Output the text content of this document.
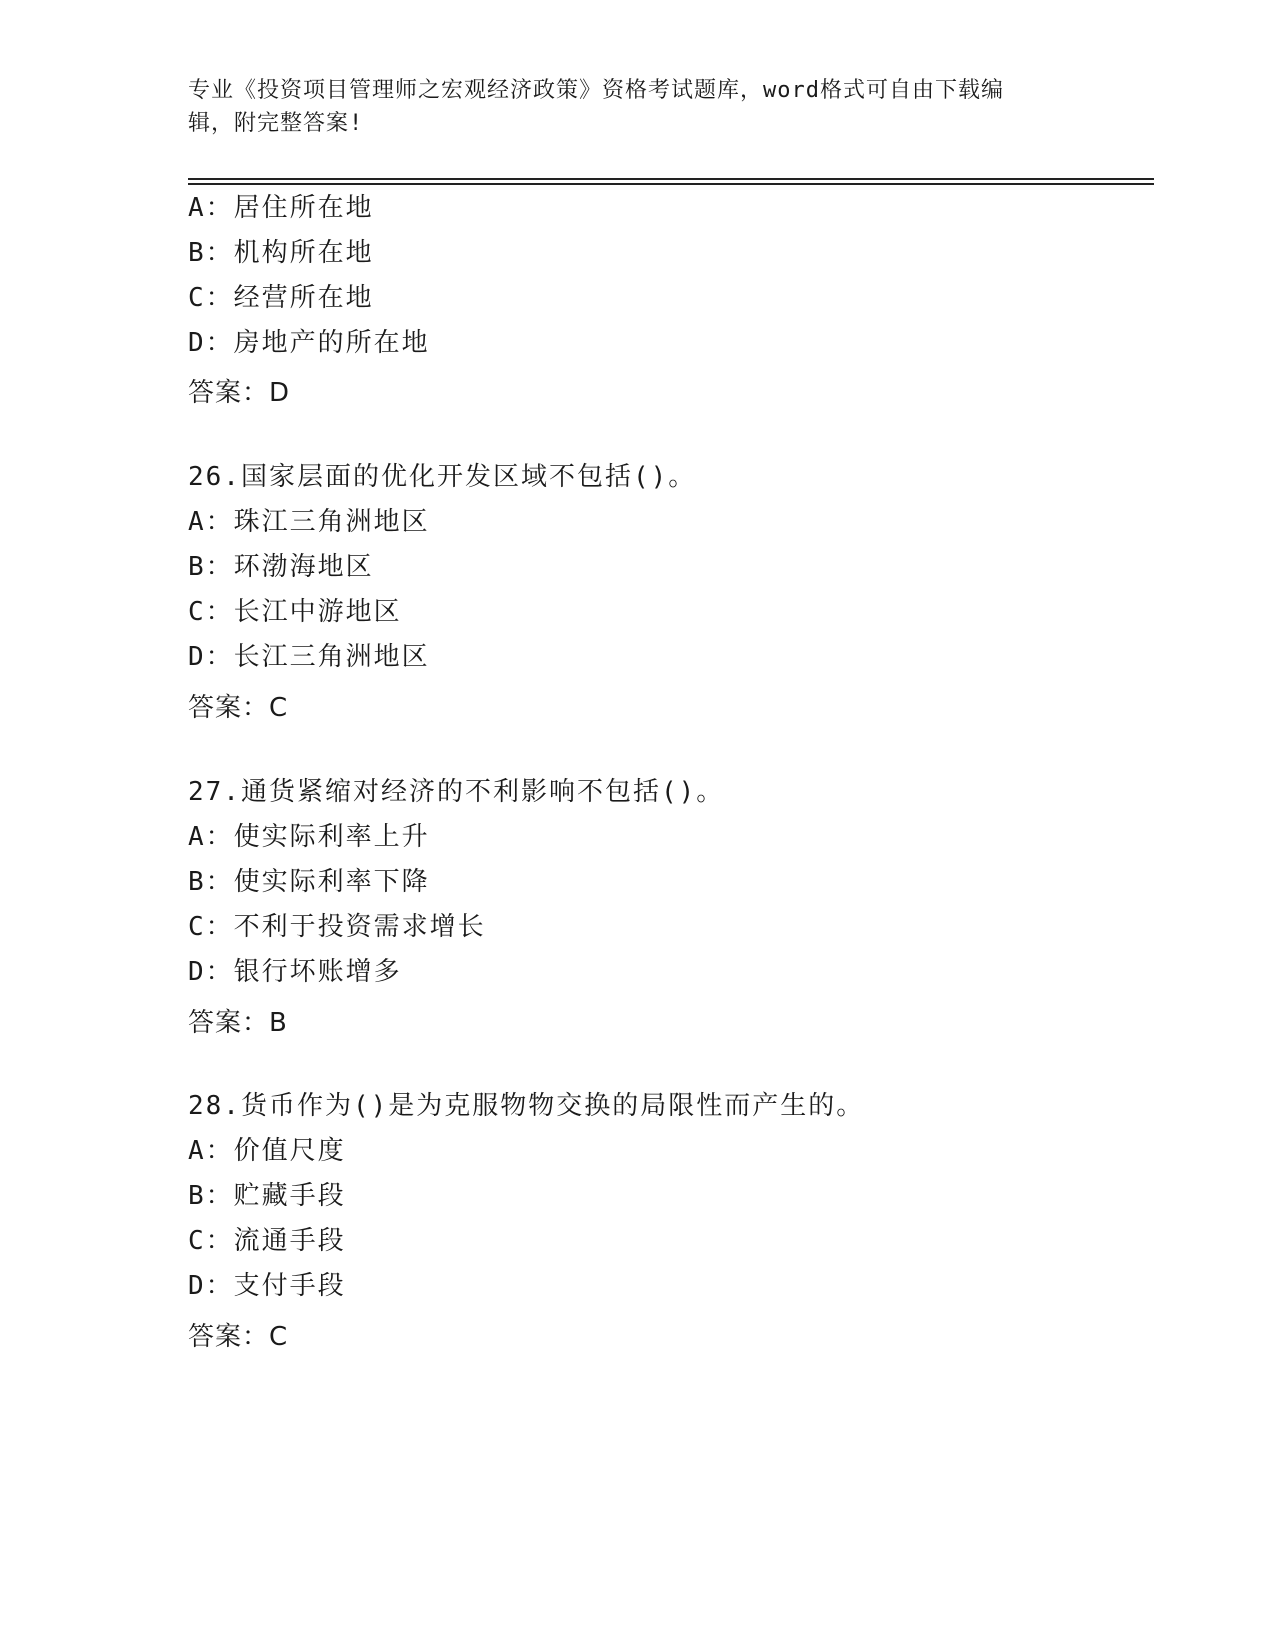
专业《投资项目管理师之宏观经济政策》资格考试题库，word格式可自由下载编
辑，附完整答案!
A：居住所在地
B：机构所在地
C：经营所在地
D：房地产的所在地
答案：D
26.国家层面的优化开发区域不包括()。
A：珠江三角洲地区
B：环渤海地区
C：长江中游地区
D：长江三角洲地区
答案：C
27.通货紧缩对经济的不利影响不包括()。
A：使实际利率上升
B：使实际利率下降
C：不利于投资需求增长
D：银行坏账增多
答案：B
28.货币作为()是为克服物物交换的局限性而产生的。
A：价值尺度
B：贮藏手段
C：流通手段
D：支付手段
答案：C
